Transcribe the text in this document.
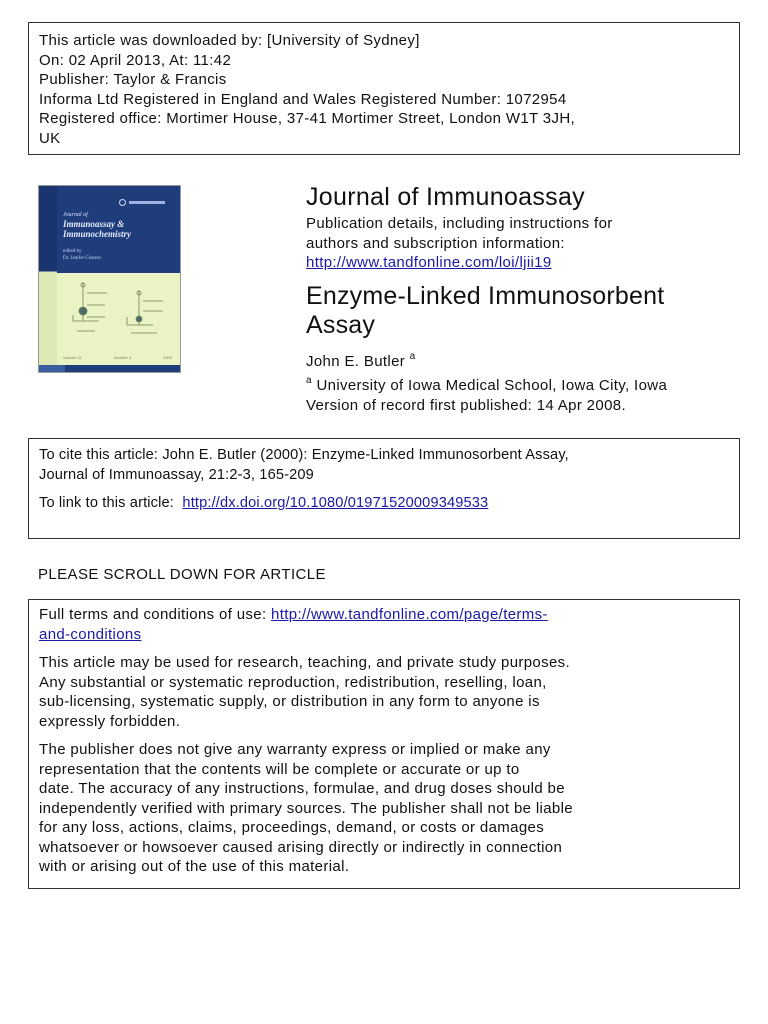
This article was downloaded by: [University of Sydney]
On: 02 April 2013, At: 11:42
Publisher: Taylor & Francis
Informa Ltd Registered in England and Wales Registered Number: 1072954
Registered office: Mortimer House, 37-41 Mortimer Street, London W1T 3JH,
UK
Journal of
Immunoassay &
Immunochemistry
edited by
Dr. Jenifer Cisnero
Volume 21	Number 3	2000
Journal of Immunoassay
Publication details, including instructions for
authors and subscription information:
http://www.tandfonline.com/loi/ljii19
Enzyme-Linked Immunosorbent
Assay
John E. Butler $^a$
$^a$ University of Iowa Medical School, Iowa City, Iowa
Version of record first published: 14 Apr 2008.
To cite this article: John E. Butler (2000): Enzyme-Linked Immunosorbent Assay,
Journal of Immunoassay, 21:2-3, 165-209
To link to this article: http://dx.doi.org/10.1080/01971520009349533
PLEASE SCROLL DOWN FOR ARTICLE
Full terms and conditions of use: http://www.tandfonline.com/page/terms-
and-conditions
This article may be used for research, teaching, and private study purposes.
Any substantial or systematic reproduction, redistribution, reselling, loan,
sub-licensing, systematic supply, or distribution in any form to anyone is
expressly forbidden.
The publisher does not give any warranty express or implied or make any
representation that the contents will be complete or accurate or up to
date. The accuracy of any instructions, formulae, and drug doses should be
independently verified with primary sources. The publisher shall not be liable
for any loss, actions, claims, proceedings, demand, or costs or damages
whatsoever or howsoever caused arising directly or indirectly in connection
with or arising out of the use of this material.
